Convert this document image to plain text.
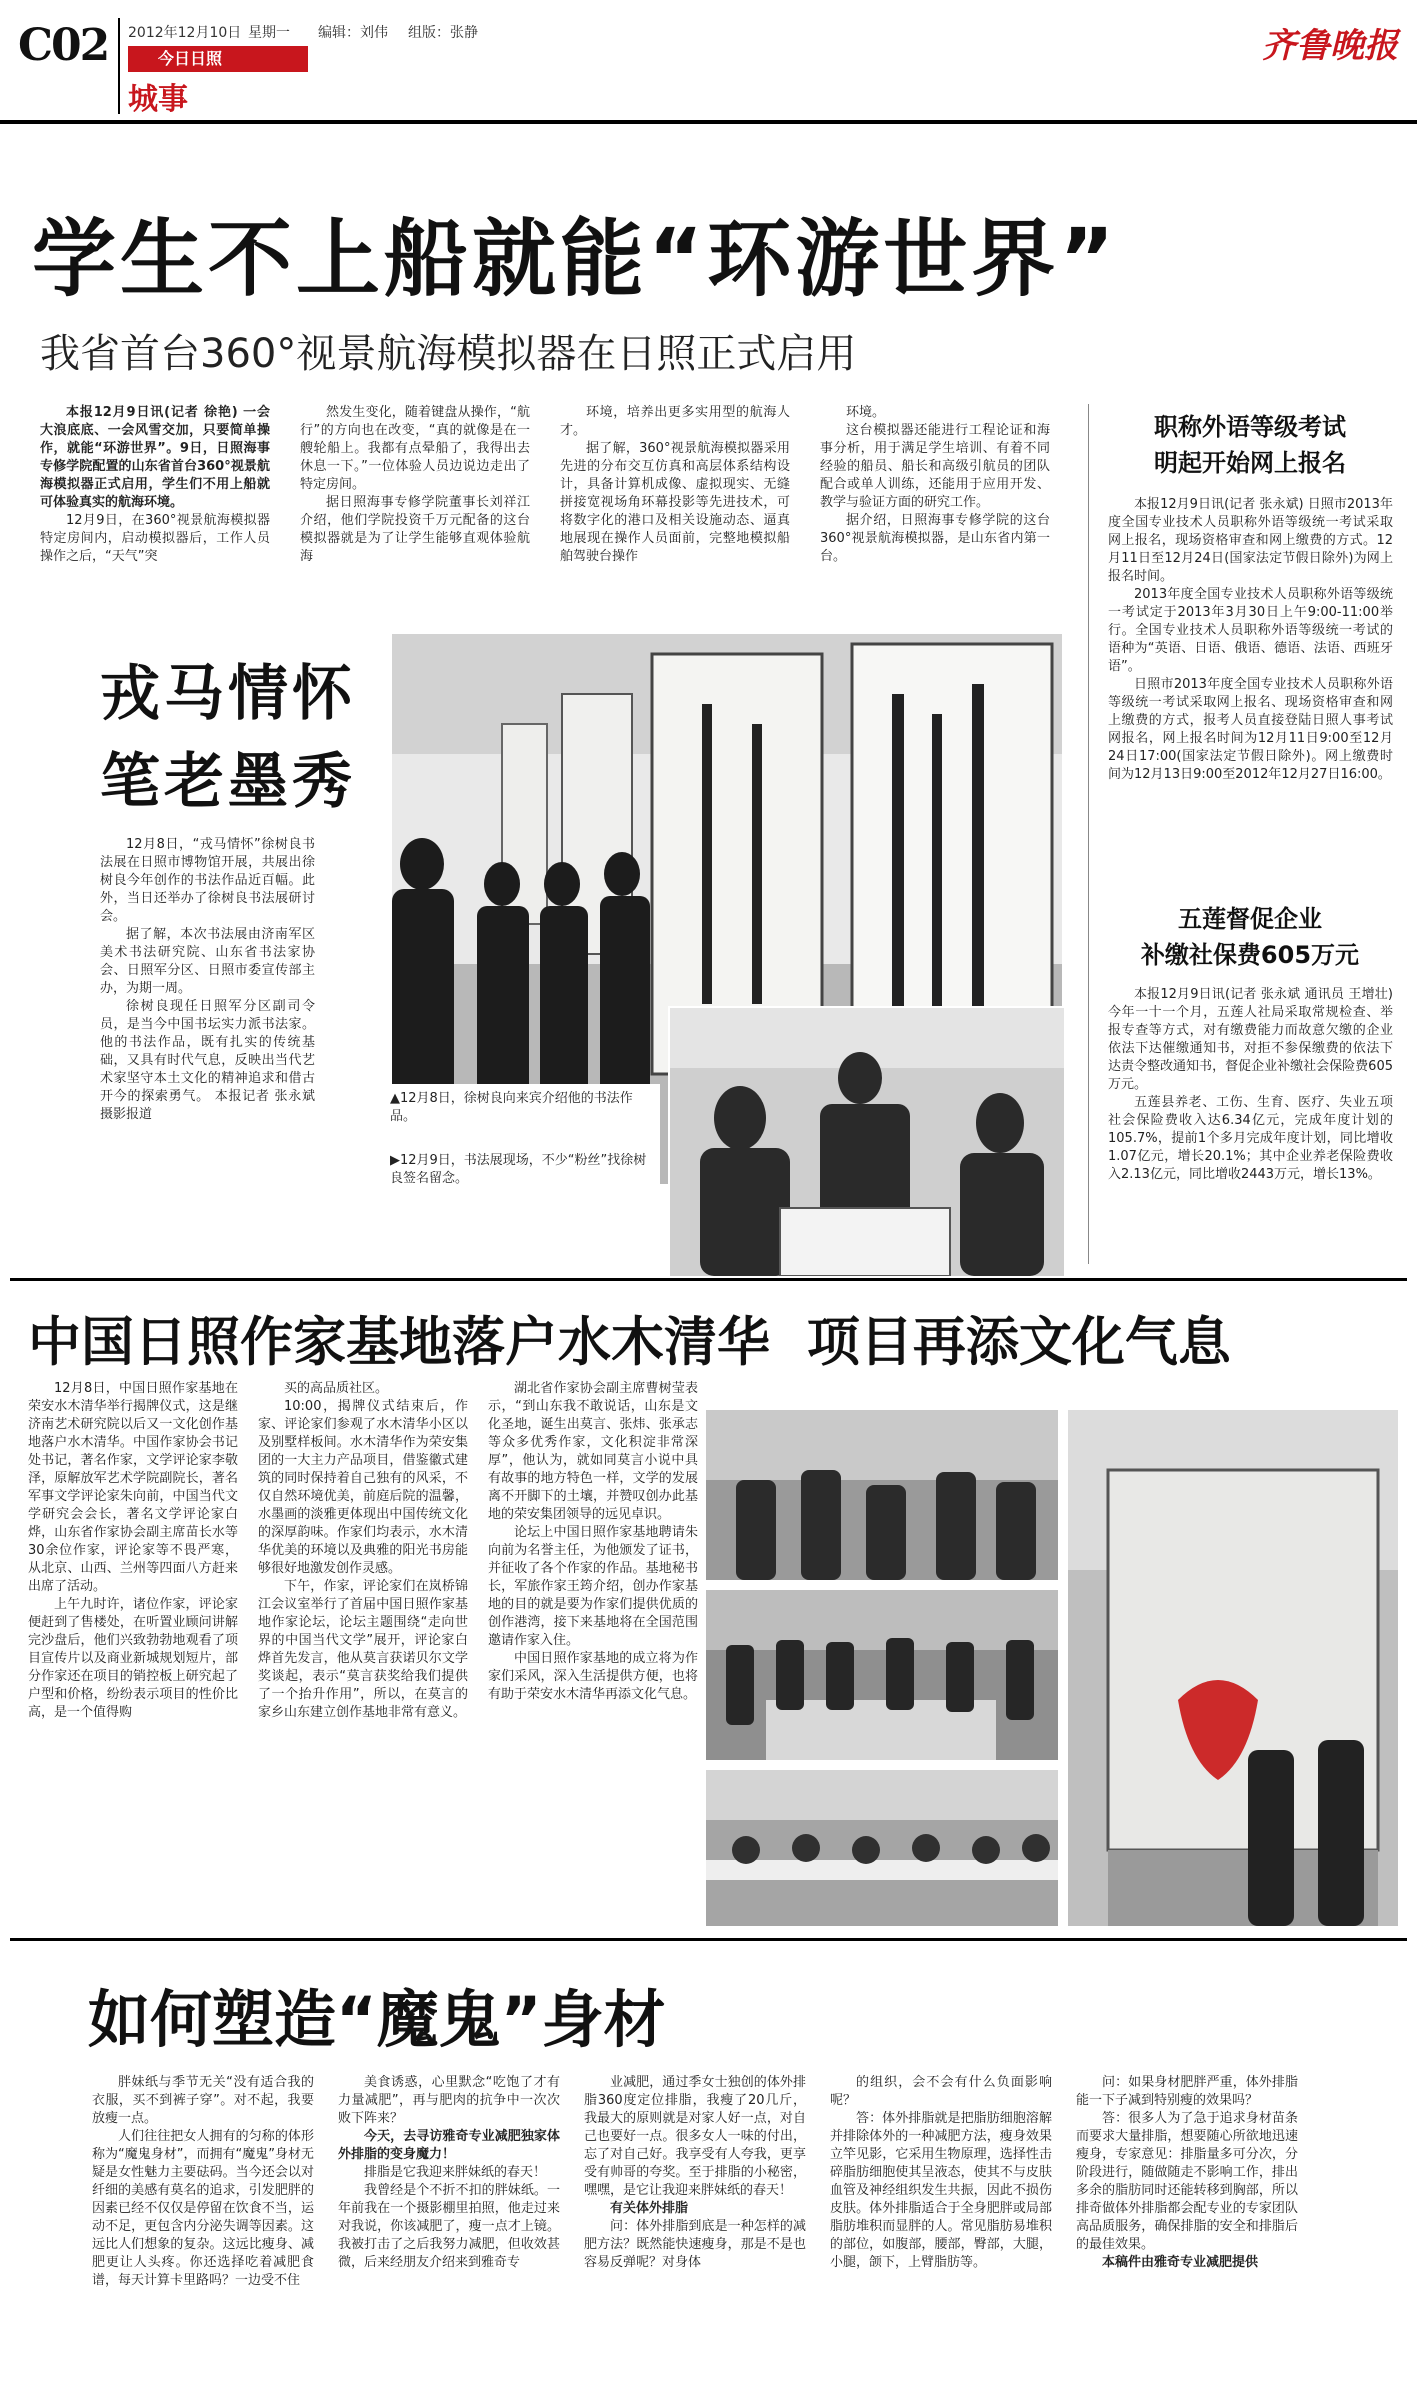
C02 2012年12月10日 星期一 编辑：刘伟 组版：张静
今日日照
城事
齐鲁晚报
学生不上船就能“环游世界”
我省首台360°视景航海模拟器在日照正式启用

本报12月9日讯(记者 徐艳) 一会大浪底底、一会风雪交加，只要简单操作，就能“环游世界”。9日，日照海事专修学院配置的山东省首台360°视景航海模拟器正式启用，学生们不用上船就可体验真实的航海环境。

12月9日，在360°视景航海模拟器特定房间内，启动模拟器后，工作人员操作之后，“天气”突

然发生变化，随着键盘从操作，“航行”的方向也在改变，“真的就像是在一艘轮船上。我都有点晕船了，我得出去休息一下。”一位体验人员边说边走出了特定房间。

据日照海事专修学院董事长刘祥江介绍，他们学院投资千万元配备的这台模拟器就是为了让学生能够直观体验航海

环境，培养出更多实用型的航海人才。

据了解，360°视景航海模拟器采用先进的分布交互仿真和高层体系结构设计，具备计算机成像、虚拟现实、无缝拼接宽视场角环幕投影等先进技术，可将数字化的港口及相关设施动态、逼真地展现在操作人员面前，完整地模拟船舶驾驶台操作

环境。

这台模拟器还能进行工程论证和海事分析，用于满足学生培训、有着不同经验的船员、船长和高级引航员的团队配合或单人训练，还能用于应用开发、教学与验证方面的研究工作。

据介绍，日照海事专修学院的这台360°视景航海模拟器，是山东省内第一台。

戎马情怀
笔老墨秀

12月8日，“戎马情怀”徐树良书法展在日照市博物馆开展，共展出徐树良今年创作的书法作品近百幅。此外，当日还举办了徐树良书法展研讨会。

据了解，本次书法展由济南军区美术书法研究院、山东省书法家协会、日照军分区、日照市委宣传部主办，为期一周。

徐树良现任日照军分区副司令员，是当今中国书坛实力派书法家。他的书法作品，既有扎实的传统基础，又具有时代气息，反映出当代艺术家坚守本土文化的精神追求和借古开今的探索勇气。 本报记者 张永斌 摄影报道

▲12月8日，徐树良向来宾介绍他的书法作品。
▶12月9日，书法展现场，不少“粉丝”找徐树良签名留念。
职称外语等级考试
明起开始网上报名

本报12月9日讯(记者 张永斌) 日照市2013年度全国专业技术人员职称外语等级统一考试采取网上报名，现场资格审查和网上缴费的方式。12月11日至12月24日(国家法定节假日除外)为网上报名时间。

2013年度全国专业技术人员职称外语等级统一考试定于2013年3月30日上午9:00-11:00举行。全国专业技术人员职称外语等级统一考试的语种为“英语、日语、俄语、德语、法语、西班牙语”。

日照市2013年度全国专业技术人员职称外语等级统一考试采取网上报名、现场资格审查和网上缴费的方式，报考人员直接登陆日照人事考试网报名，网上报名时间为12月11日9:00至12月24日17:00(国家法定节假日除外)。网上缴费时间为12月13日9:00至2012年12月27日16:00。

五莲督促企业
补缴社保费605万元

本报12月9日讯(记者 张永斌 通讯员 王增壮) 今年一十一个月，五莲人社局采取常规检查、举报专查等方式，对有缴费能力而故意欠缴的企业依法下达催缴通知书，对拒不参保缴费的依法下达责令整改通知书，督促企业补缴社会保险费605万元。

五莲县养老、工伤、生育、医疗、失业五项社会保险费收入达6.34亿元，完成年度计划的105.7%，提前1个多月完成年度计划，同比增收1.07亿元，增长20.1%；其中企业养老保险费收入2.13亿元，同比增收2443万元，增长13%。

中国日照作家基地落户水木清华  项目再添文化气息

12月8日，中国日照作家基地在荣安水木清华举行揭牌仪式，这是继济南艺术研究院以后又一文化创作基地落户水木清华。中国作家协会书记处书记，著名作家，文学评论家李敬泽，原解放军艺术学院副院长，著名军事文学评论家朱向前，中国当代文学研究会会长，著名文学评论家白烨，山东省作家协会副主席苗长水等30余位作家，评论家等不畏严寒，从北京、山西、兰州等四面八方赶来出席了活动。

上午九时许，诸位作家，评论家便赶到了售楼处，在听置业顾问讲解完沙盘后，他们兴致勃勃地观看了项目宣传片以及商业新城规划短片，部分作家还在项目的销控板上研究起了户型和价格，纷纷表示项目的性价比高，是一个值得购

买的高品质社区。

10:00，揭牌仪式结束后，作家、评论家们参观了水木清华小区以及别墅样板间。水木清华作为荣安集团的一大主力产品项目，借鉴徽式建筑的同时保持着自己独有的风采，不仅自然环境优美，前庭后院的温馨，水墨画的淡雅更体现出中国传统文化的深厚韵味。作家们均表示，水木清华优美的环境以及典雅的阳光书房能够很好地激发创作灵感。

下午，作家，评论家们在岚桥锦江会议室举行了首届中国日照作家基地作家论坛，论坛主题围绕“走向世界的中国当代文学”展开，评论家白烨首先发言，他从莫言获诺贝尔文学奖谈起，表示“莫言获奖给我们提供了一个抬升作用”，所以，在莫言的家乡山东建立创作基地非常有意义。

湖北省作家协会副主席曹树莹表示，“到山东我不敢说话，山东是文化圣地，诞生出莫言、张炜、张承志等众多优秀作家，文化积淀非常深厚”，他认为，就如同莫言小说中具有故事的地方特色一样，文学的发展离不开脚下的土壤，并赞叹创办此基地的荣安集团领导的远见卓识。

论坛上中国日照作家基地聘请朱向前为名誉主任，为他颁发了证书，并征收了各个作家的作品。基地秘书长，军旅作家王筠介绍，创办作家基地的目的就是要为作家们提供优质的创作港湾，接下来基地将在全国范围邀请作家入住。

中国日照作家基地的成立将为作家们采风，深入生活提供方便，也将有助于荣安水木清华再添文化气息。

如何塑造“魔鬼”身材

胖妹纸与季节无关“没有适合我的衣服，买不到裤子穿”。对不起，我要放瘦一点。

人们往往把女人拥有的匀称的体形称为“魔鬼身材”，而拥有“魔鬼”身材无疑是女性魅力主要砝码。当今还会以对纤细的美感有莫名的追求，引发肥胖的因素已经不仅仅是停留在饮食不当，运动不足，更包含内分泌失调等因素。这远比人们想象的复杂。这远比瘦身、减肥更让人头疼。你还选择吃着减肥食谱，每天计算卡里路吗？一边受不住

美食诱惑，心里默念“吃饱了才有力量减肥”，再与肥肉的抗争中一次次败下阵来？

今天，去寻访雅奇专业减肥独家体外排脂的变身魔力！

排脂是它我迎来胖妹纸的春天！

我曾经是个不折不扣的胖妹纸。一年前我在一个摄影棚里拍照，他走过来对我说，你该减肥了，瘦一点才上镜。我被打击了之后我努力减肥，但收效甚微，后来经朋友介绍来到雅奇专

业减肥，通过季女士独创的体外排脂360度定位排脂，我瘦了20几斤，我最大的原则就是对家人好一点，对自己也要好一点。很多女人一味的付出，忘了对自己好。我享受有人夸我，更享受有帅哥的夸奖。至于排脂的小秘密，嘿嘿，是它让我迎来胖妹纸的春天！

有关体外排脂

问：体外排脂到底是一种怎样的减肥方法？既然能快速瘦身，那是不是也容易反弹呢？对身体

的组织，会不会有什么负面影响呢？

答：体外排脂就是把脂肪细胞溶解并排除体外的一种减肥方法，瘦身效果立竿见影，它采用生物原理，选择性击碎脂肪细胞使其呈液态，使其不与皮肤血管及神经组织发生共振，因此不损伤皮肤。体外排脂适合于全身肥胖或局部脂肪堆积而显胖的人。常见脂肪易堆积的部位，如腹部，腰部，臀部，大腿，小腿，颌下，上臂脂肪等。

问：如果身材肥胖严重，体外排脂能一下子减到特别瘦的效果吗？

答：很多人为了急于追求身材苗条而要求大量排脂，想要随心所欲地迅速瘦身，专家意见：排脂量多可分次，分阶段进行，随做随走不影响工作，排出多余的脂肪同时还能转移到胸部，所以排奇做体外排脂都会配专业的专家团队高品质服务，确保排脂的安全和排脂后的最佳效果。

本稿件由雅奇专业减肥提供
